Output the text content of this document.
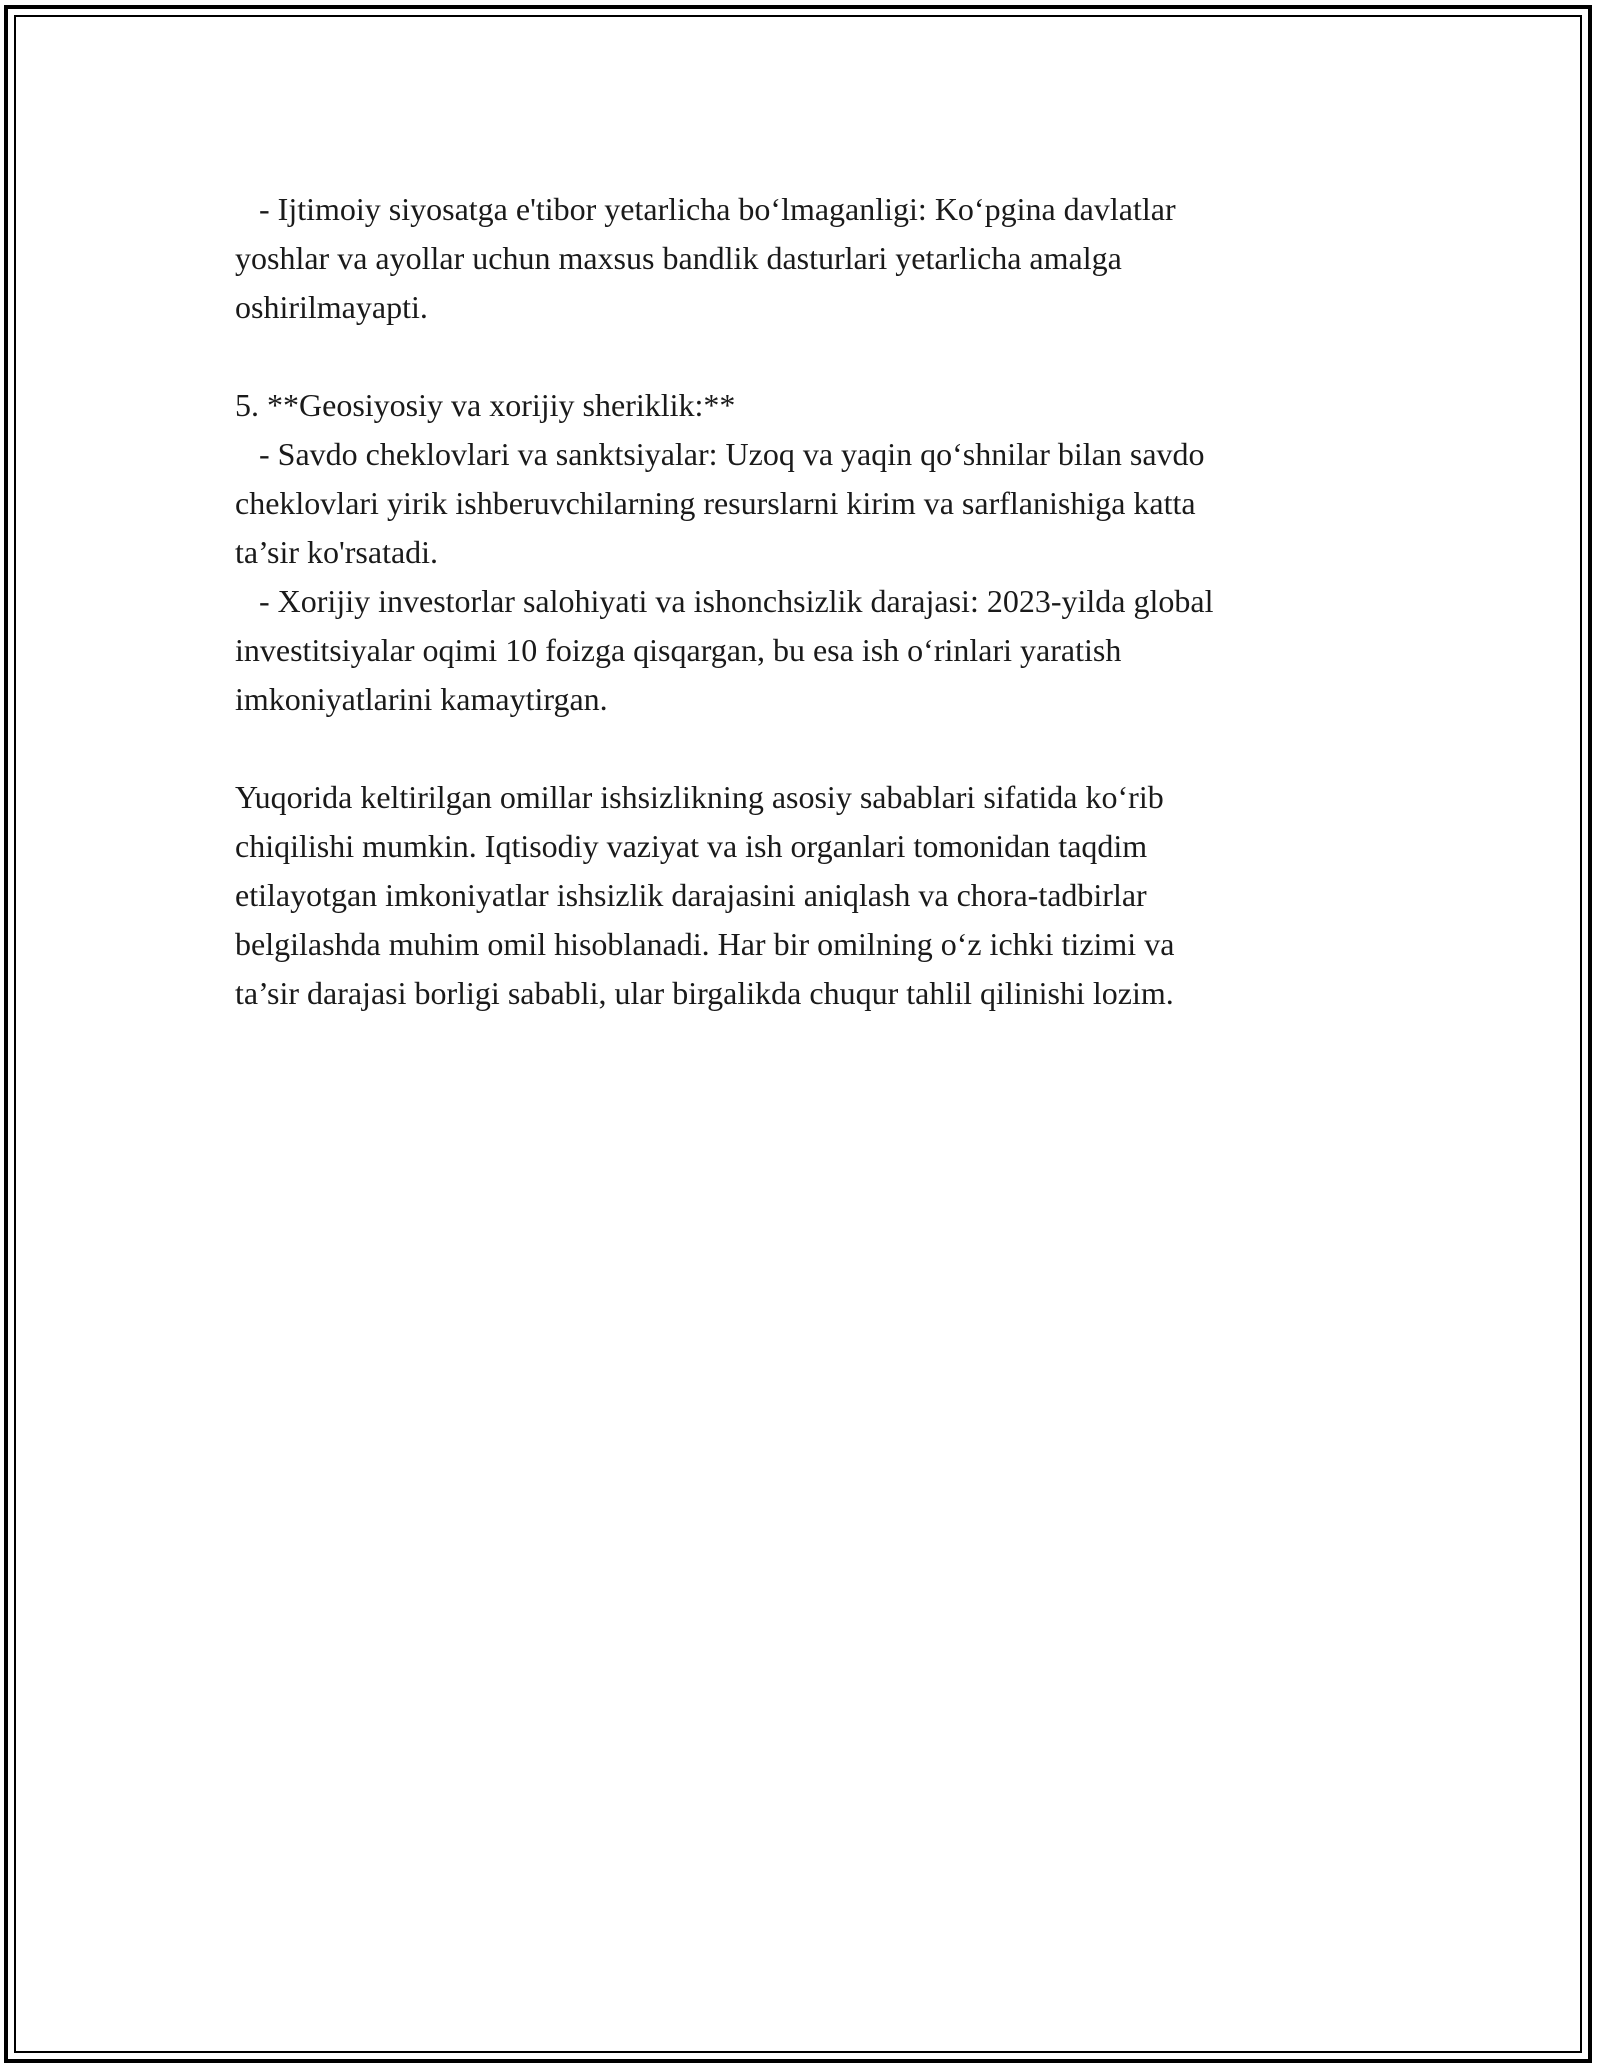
- Ijtimoiy siyosatga e'tibor yetarlicha bo‘lmaganligi: Ko‘pgina davlatlar
yoshlar va ayollar uchun maxsus bandlik dasturlari yetarlicha amalga
oshirilmayapti.
5. **Geosiyosiy va xorijiy sheriklik:**
- Savdo cheklovlari va sanktsiyalar: Uzoq va yaqin qo‘shnilar bilan savdo
cheklovlari yirik ishberuvchilarning resurslarni kirim va sarflanishiga katta
ta’sir ko'rsatadi.
- Xorijiy investorlar salohiyati va ishonchsizlik darajasi: 2023-yilda global
investitsiyalar oqimi 10 foizga qisqargan, bu esa ish o‘rinlari yaratish
imkoniyatlarini kamaytirgan.
Yuqorida keltirilgan omillar ishsizlikning asosiy sabablari sifatida ko‘rib
chiqilishi mumkin. Iqtisodiy vaziyat va ish organlari tomonidan taqdim
etilayotgan imkoniyatlar ishsizlik darajasini aniqlash va chora-tadbirlar
belgilashda muhim omil hisoblanadi. Har bir omilning o‘z ichki tizimi va
ta’sir darajasi borligi sababli, ular birgalikda chuqur tahlil qilinishi lozim.
